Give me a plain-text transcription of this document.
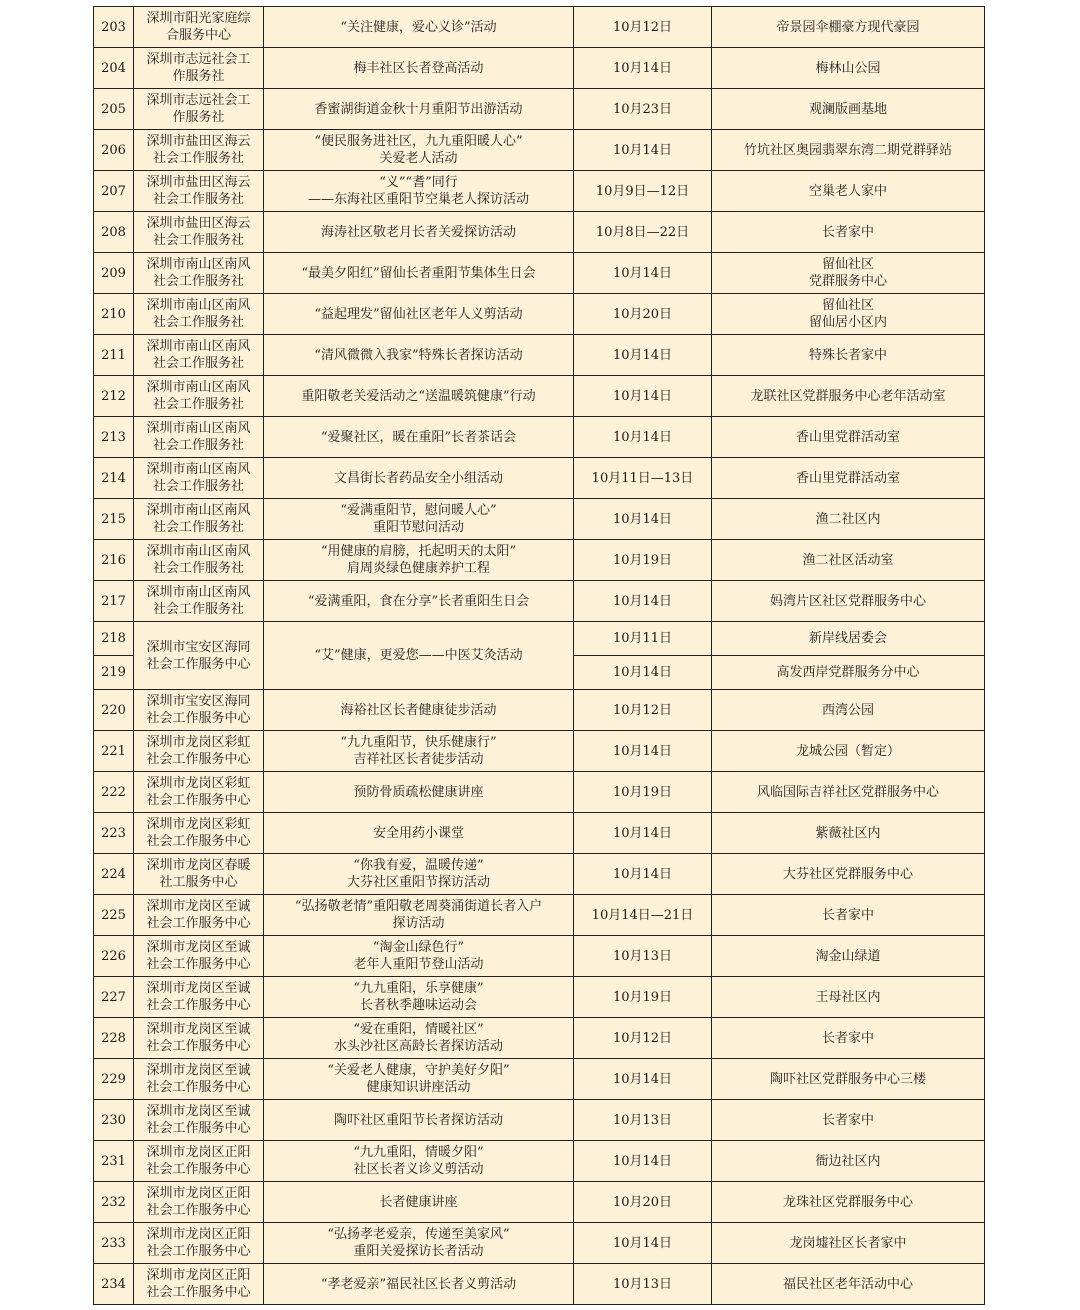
203	深圳市阳光家庭综合服务中心	“关注健康，爱心义诊”活动	10月12日	帝景园伞棚豪方现代豪园

204	深圳市志远社会工作服务社	梅丰社区长者登高活动	10月14日	梅林山公园

205	深圳市志远社会工作服务社	香蜜湖街道金秋十月重阳节出游活动	10月23日	观澜版画基地

206	深圳市盐田区海云社会工作服务社	“便民服务进社区，九九重阳暖人心”
关爱老人活动	10月14日	竹坑社区奥园翡翠东湾二期党群驿站

207	深圳市盐田区海云社会工作服务社	“义”“耆”同行
——东海社区重阳节空巢老人探访活动	10月9日—12日	空巢老人家中

208	深圳市盐田区海云社会工作服务社	海涛社区敬老月长者关爱探访活动	10月8日—22日	长者家中

209	深圳市南山区南风社会工作服务社	“最美夕阳红”留仙长者重阳节集体生日会	10月14日	留仙社区
党群服务中心

210	深圳市南山区南风社会工作服务社	“益起理发”留仙社区老年人义剪活动	10月20日	留仙社区
留仙居小区内

211	深圳市南山区南风社会工作服务社	“清风微微入我家”特殊长者探访活动	10月14日	特殊长者家中

212	深圳市南山区南风社会工作服务社	重阳敬老关爱活动之“送温暖筑健康”行动	10月14日	龙联社区党群服务中心老年活动室

213	深圳市南山区南风社会工作服务社	“爱聚社区，暖在重阳”长者茶话会	10月14日	香山里党群活动室

214	深圳市南山区南风社会工作服务社	文昌街长者药品安全小组活动	10月11日—13日	香山里党群活动室

215	深圳市南山区南风社会工作服务社	“爱满重阳节，慰问暖人心”
重阳节慰问活动	10月14日	渔二社区内

216	深圳市南山区南风社会工作服务社	“用健康的肩膀，托起明天的太阳”
肩周炎绿色健康养护工程	10月19日	渔二社区活动室

217	深圳市南山区南风社会工作服务社	“爱满重阳，食在分享”长者重阳生日会	10月14日	妈湾片区社区党群服务中心

218	深圳市宝安区海同社会工作服务中心	“艾”健康，更爱您——中医艾灸活动	10月11日	新岸线居委会

219			10月14日	高发西岸党群服务分中心

220	深圳市宝安区海同社会工作服务中心	海裕社区长者健康徒步活动	10月12日	西湾公园

221	深圳市龙岗区彩虹社会工作服务中心	“九九重阳节，快乐健康行”
吉祥社区长者徒步活动	10月14日	龙城公园（暂定）

222	深圳市龙岗区彩虹社会工作服务中心	预防骨质疏松健康讲座	10月19日	风临国际吉祥社区党群服务中心

223	深圳市龙岗区彩虹社会工作服务中心	安全用药小课堂	10月14日	紫薇社区内

224	深圳市龙岗区春暖社工服务中心	“你我有爱，温暖传递”
大芬社区重阳节探访活动	10月14日	大芬社区党群服务中心

225	深圳市龙岗区至诚社会工作服务中心	“弘扬敬老情”重阳敬老周葵涌街道长者入户
探访活动	10月14日—21日	长者家中

226	深圳市龙岗区至诚社会工作服务中心	“淘金山绿色行”
老年人重阳节登山活动	10月13日	淘金山绿道

227	深圳市龙岗区至诚社会工作服务中心	“九九重阳，乐享健康”
长者秋季趣味运动会	10月19日	王母社区内

228	深圳市龙岗区至诚社会工作服务中心	“爱在重阳，情暖社区”
水头沙社区高龄长者探访活动	10月12日	长者家中

229	深圳市龙岗区至诚社会工作服务中心	“关爱老人健康，守护美好夕阳”
健康知识讲座活动	10月14日	陶吓社区党群服务中心三楼

230	深圳市龙岗区至诚社会工作服务中心	陶吓社区重阳节长者探访活动	10月13日	长者家中

231	深圳市龙岗区正阳社会工作服务中心	“九九重阳，情暖夕阳”
社区长者义诊义剪活动	10月14日	衙边社区内

232	深圳市龙岗区正阳社会工作服务中心	长者健康讲座	10月20日	龙珠社区党群服务中心

233	深圳市龙岗区正阳社会工作服务中心	“弘扬孝老爱亲，传递至美家风”
重阳关爱探访长者活动	10月14日	龙岗墟社区长者家中

234	深圳市龙岗区正阳社会工作服务中心	“孝老爱亲”福民社区长者义剪活动	10月13日	福民社区老年活动中心
